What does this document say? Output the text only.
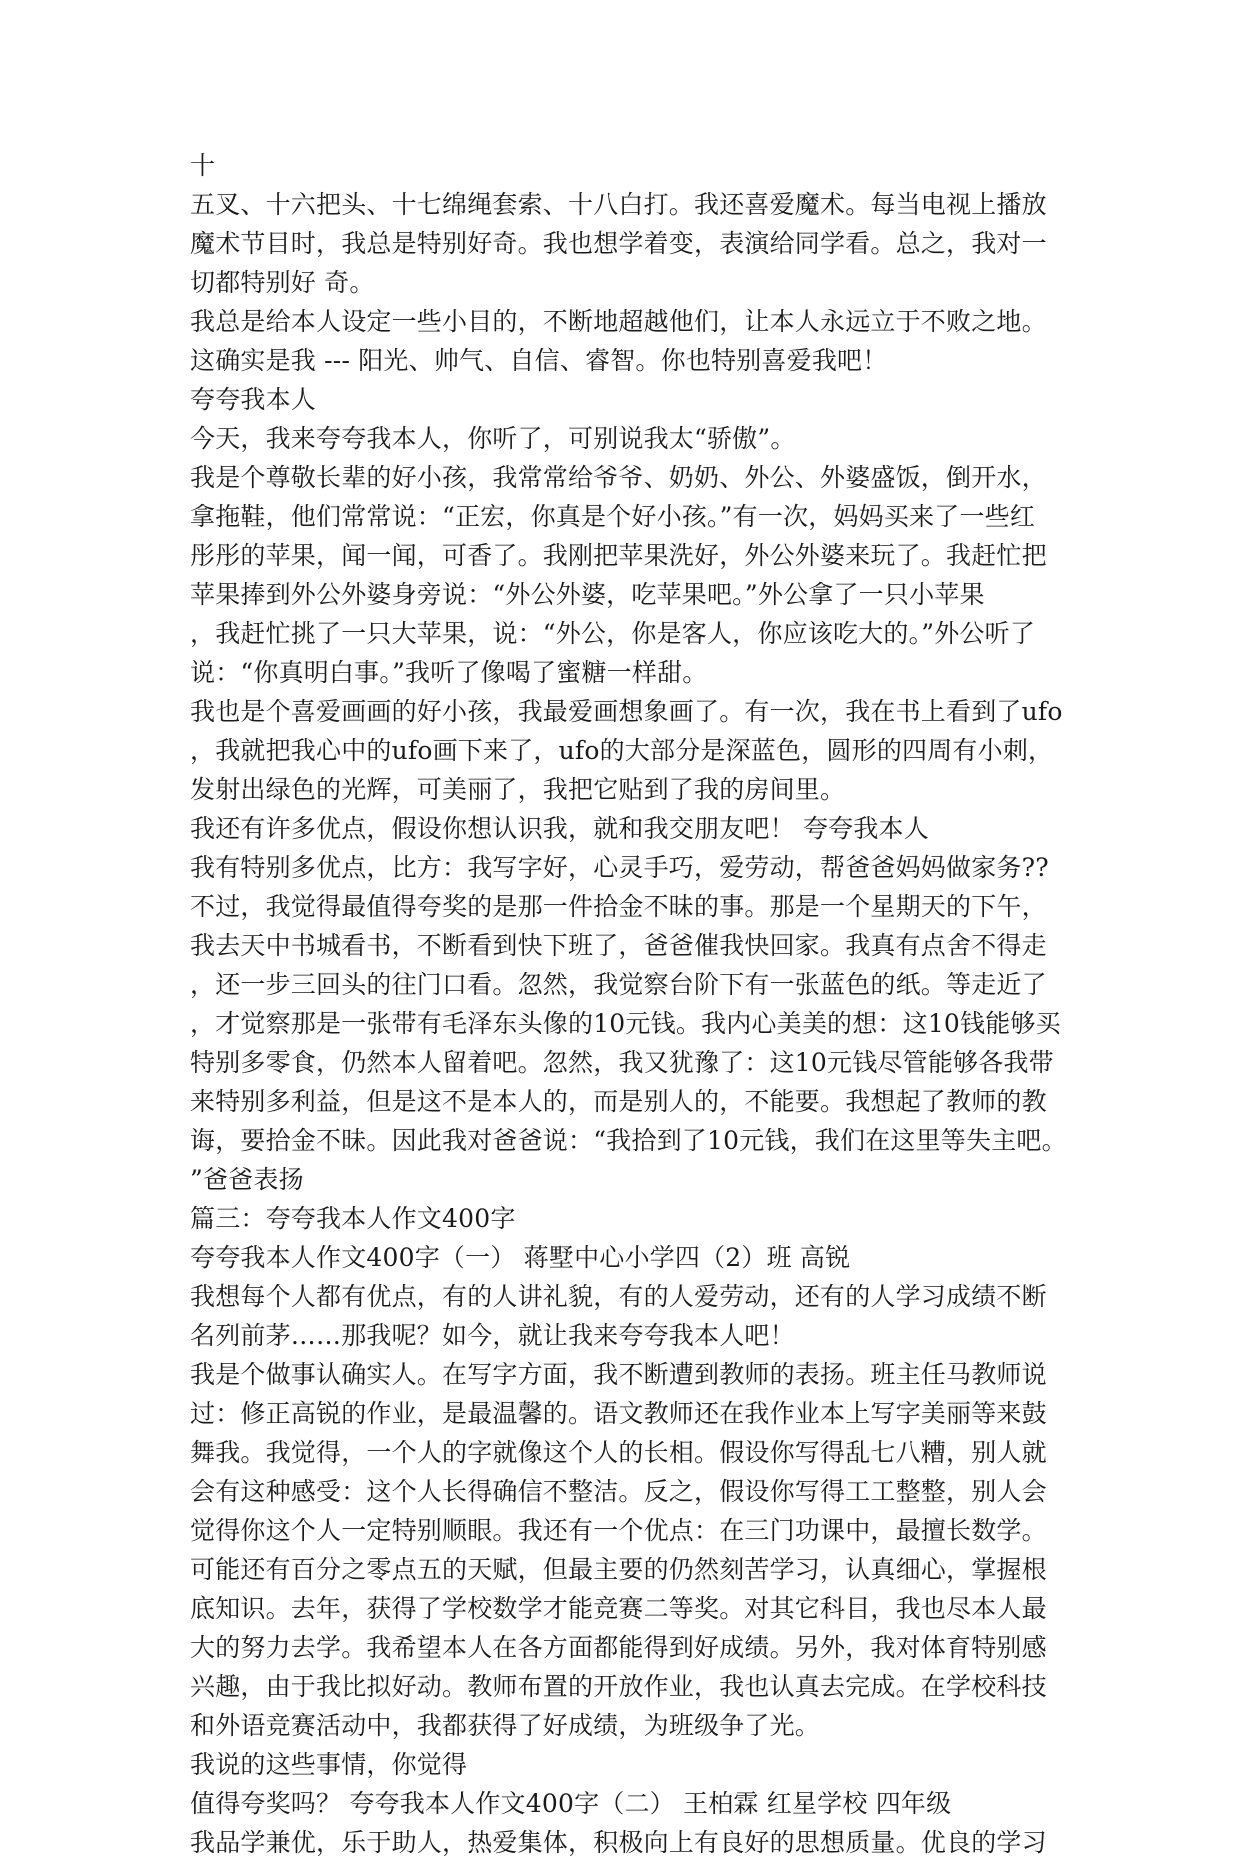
十
五叉、十六把头、十七绵绳套索、十八白打。我还喜爱魔术。每当电视上播放
魔术节目时，我总是特别好奇。我也想学着变，表演给同学看。总之，我对一
切都特别好 奇。
我总是给本人设定一些小目的，不断地超越他们，让本人永远立于不败之地。
这确实是我 --- 阳光、帅气、自信、睿智。你也特别喜爱我吧！
夸夸我本人
今天，我来夸夸我本人，你听了，可别说我太“骄傲”。
我是个尊敬长辈的好小孩，我常常给爷爷、奶奶、外公、外婆盛饭，倒开水，
拿拖鞋，他们常常说：“正宏，你真是个好小孩。”有一次，妈妈买来了一些红
彤彤的苹果，闻一闻，可香了。我刚把苹果洗好，外公外婆来玩了。我赶忙把
苹果捧到外公外婆身旁说：“外公外婆，吃苹果吧。”外公拿了一只小苹果
，我赶忙挑了一只大苹果，说：“外公，你是客人，你应该吃大的。”外公听了
说：“你真明白事。”我听了像喝了蜜糖一样甜。
我也是个喜爱画画的好小孩，我最爱画想象画了。有一次，我在书上看到了ufo
，我就把我心中的ufo画下来了，ufo的大部分是深蓝色，圆形的四周有小刺，
发射出绿色的光辉，可美丽了，我把它贴到了我的房间里。
我还有许多优点，假设你想认识我，就和我交朋友吧！ 夸夸我本人
我有特别多优点，比方：我写字好，心灵手巧，爱劳动，帮爸爸妈妈做家务??
不过，我觉得最值得夸奖的是那一件拾金不昧的事。那是一个星期天的下午，
我去天中书城看书，不断看到快下班了，爸爸催我快回家。我真有点舍不得走
，还一步三回头的往门口看。忽然，我觉察台阶下有一张蓝色的纸。等走近了
，才觉察那是一张带有毛泽东头像的10元钱。我内心美美的想：这10钱能够买
特别多零食，仍然本人留着吧。忽然，我又犹豫了：这10元钱尽管能够各我带
来特别多利益，但是这不是本人的，而是别人的，不能要。我想起了教师的教
诲，要拾金不昧。因此我对爸爸说：“我拾到了10元钱，我们在这里等失主吧。
”爸爸表扬
篇三：夸夸我本人作文400字
夸夸我本人作文400字（一） 蒋墅中心小学四（2）班 高锐
我想每个人都有优点，有的人讲礼貌，有的人爱劳动，还有的人学习成绩不断
名列前茅……那我呢？如今，就让我来夸夸我本人吧！
我是个做事认确实人。在写字方面，我不断遭到教师的表扬。班主任马教师说
过：修正高锐的作业，是最温馨的。语文教师还在我作业本上写字美丽等来鼓
舞我。我觉得，一个人的字就像这个人的长相。假设你写得乱七八糟，别人就
会有这种感受：这个人长得确信不整洁。反之，假设你写得工工整整，别人会
觉得你这个人一定特别顺眼。我还有一个优点：在三门功课中，最擅长数学。
可能还有百分之零点五的天赋，但最主要的仍然刻苦学习，认真细心，掌握根
底知识。去年，获得了学校数学才能竞赛二等奖。对其它科目，我也尽本人最
大的努力去学。我希望本人在各方面都能得到好成绩。另外，我对体育特别感
兴趣，由于我比拟好动。教师布置的开放作业，我也认真去完成。在学校科技
和外语竞赛活动中，我都获得了好成绩，为班级争了光。
我说的这些事情，你觉得
值得夸奖吗？ 夸夸我本人作文400字（二） 王柏霖 红星学校 四年级
我品学兼优，乐于助人，热爱集体，积极向上有良好的思想质量。优良的学习
